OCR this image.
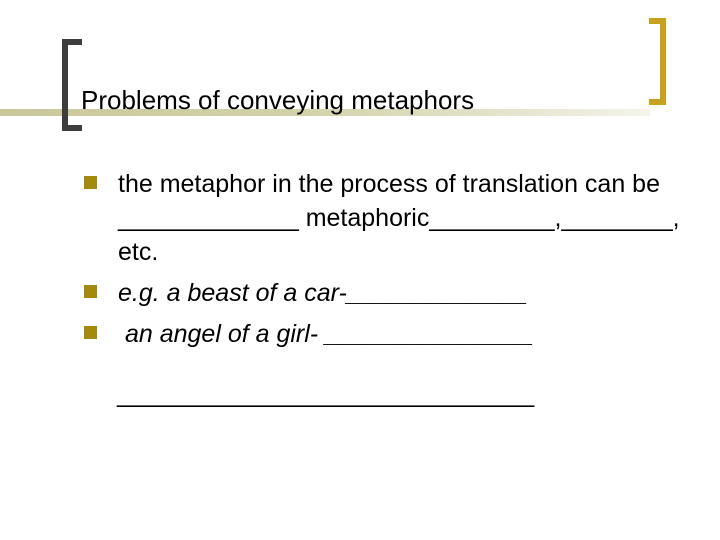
Problems of conveying metaphors
the metaphor in the process of translation can be _____________ metaphoric_________,________, etc.
e.g. a beast of a car-_____________
an angel of a girl- _______________
______________________________
